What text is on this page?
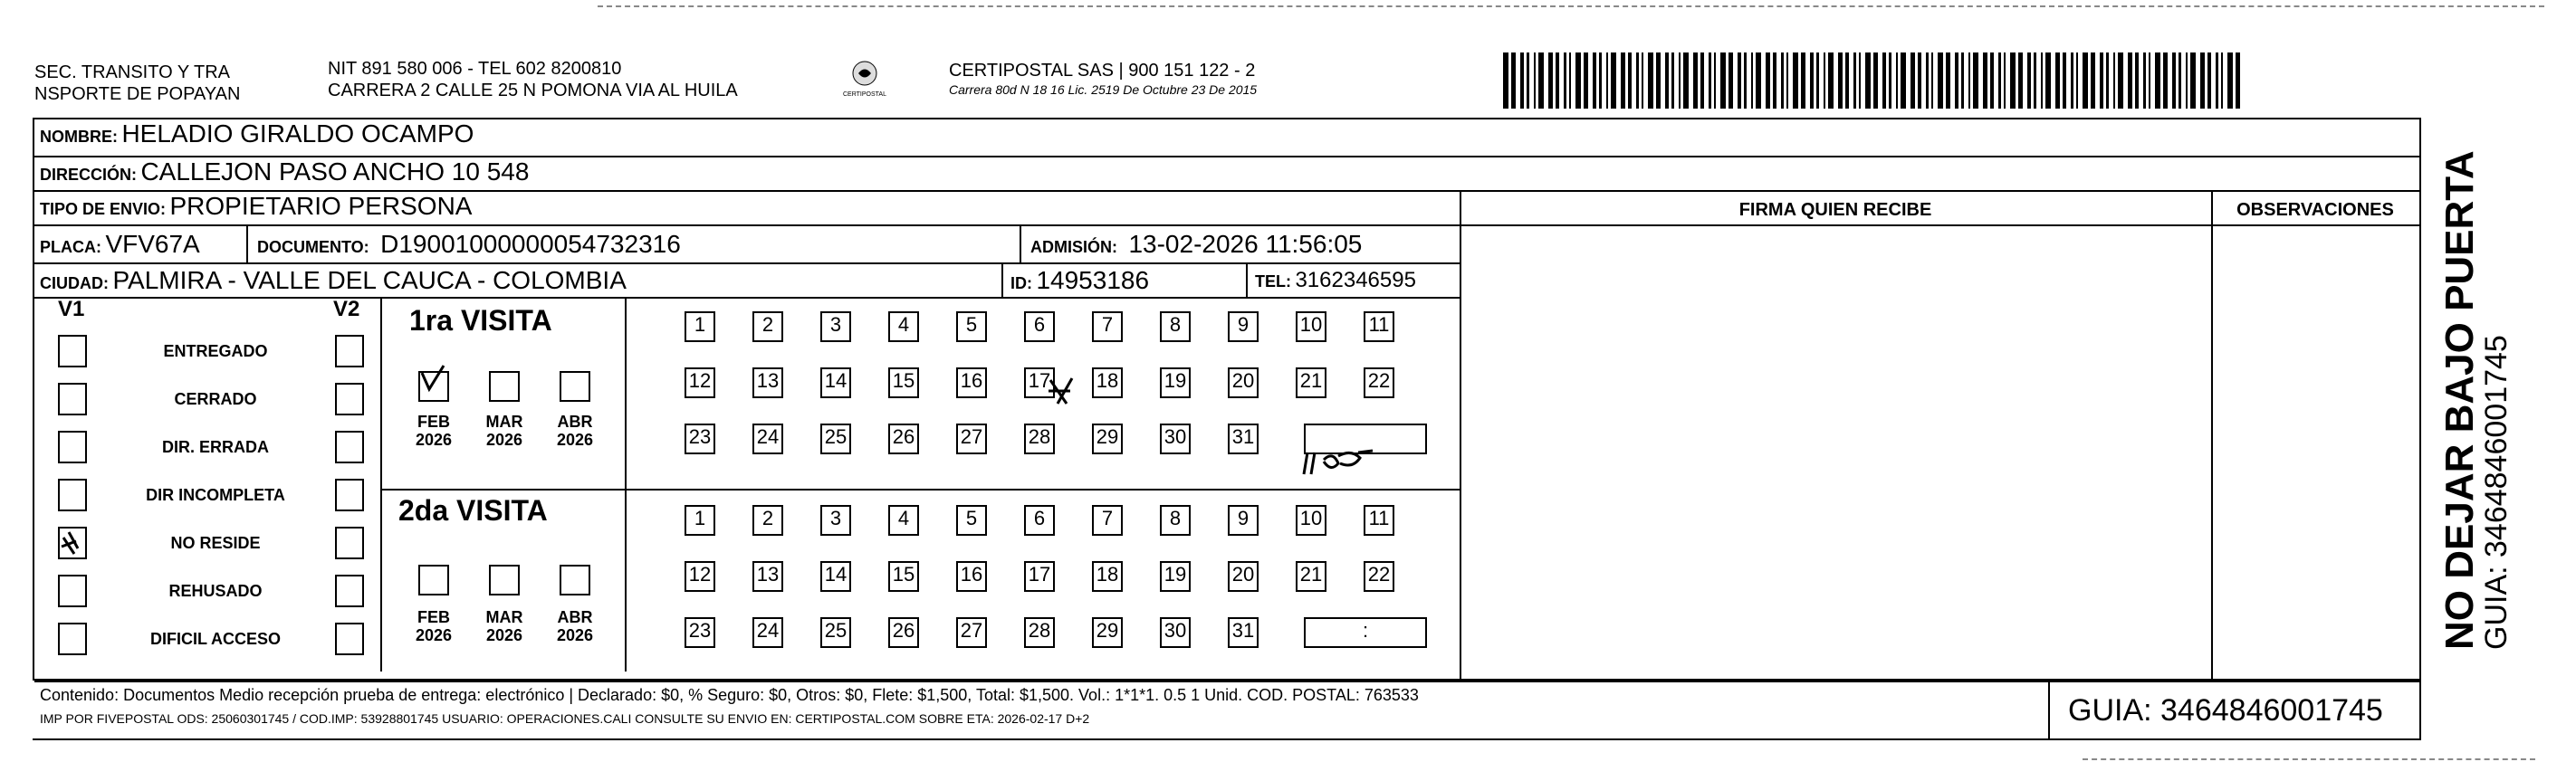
SEC. TRANSITO Y TRA
NSPORTE DE POPAYAN
NIT 891 580 006 - TEL 602 8200810
CARRERA 2 CALLE 25 N POMONA VIA AL HUILA	CERTIPOSTAL
CERTIPOSTAL SAS | 900 151 122 - 2
Carrera 80d N 18 16 Lic. 2519 De Octubre 23 De 2015
NOMBRE: HELADIO GIRALDO OCAMPO
DIRECCIÓN: CALLEJON PASO ANCHO 10 548
TIPO DE ENVIO: PROPIETARIO PERSONA	FIRMA QUIEN RECIBE	OBSERVACIONES
PLACA: VFV67A	DOCUMENTO: D19001000000054732316	ADMISIÓN: 13-02-2026 11:56:05
CIUDAD: PALMIRA - VALLE DEL CAUCA - COLOMBIA	ID: 14953186	TEL: 3162346595
V1	V2
ENTREGADO
CERRADO
DIR. ERRADA
DIR INCOMPLETA
NO RESIDE
REHUSADO
DIFICIL ACCESO
1ra VISITA
2da VISITA
FEB
2026
MAR
2026
ABR
2026
FEB
2026
MAR
2026
ABR
2026
1	2	3	4	5	6	7	8	9	10 11
12 13 14 15 16 17 18 19 20 21 22
23 24 25 26 27 28 29 30 31
1	2	3	4	5	6	7	8	9	10 11
12 13 14 15 16 17 18 19 20 21 22
23 24 25 26 27 28 29 30 31	:
Contenido: Documentos Medio recepción prueba de entrega: electrónico | Declarado: $0, % Seguro: $0, Otros: $0, Flete: $1,500, Total: $1,500. Vol.: 1*1*1. 0.5 1 Unid. COD. POSTAL: 763533
IMP POR FIVEPOSTAL ODS: 25060301745 / COD.IMP: 53928801745 USUARIO: OPERACIONES.CALI CONSULTE SU ENVIO EN: CERTIPOSTAL.COM SOBRE ETA: 2026-02-17 D+2	GUIA: 3464846001745
NO DEJAR BAJO PUERTA
GUIA: 3464846001745
